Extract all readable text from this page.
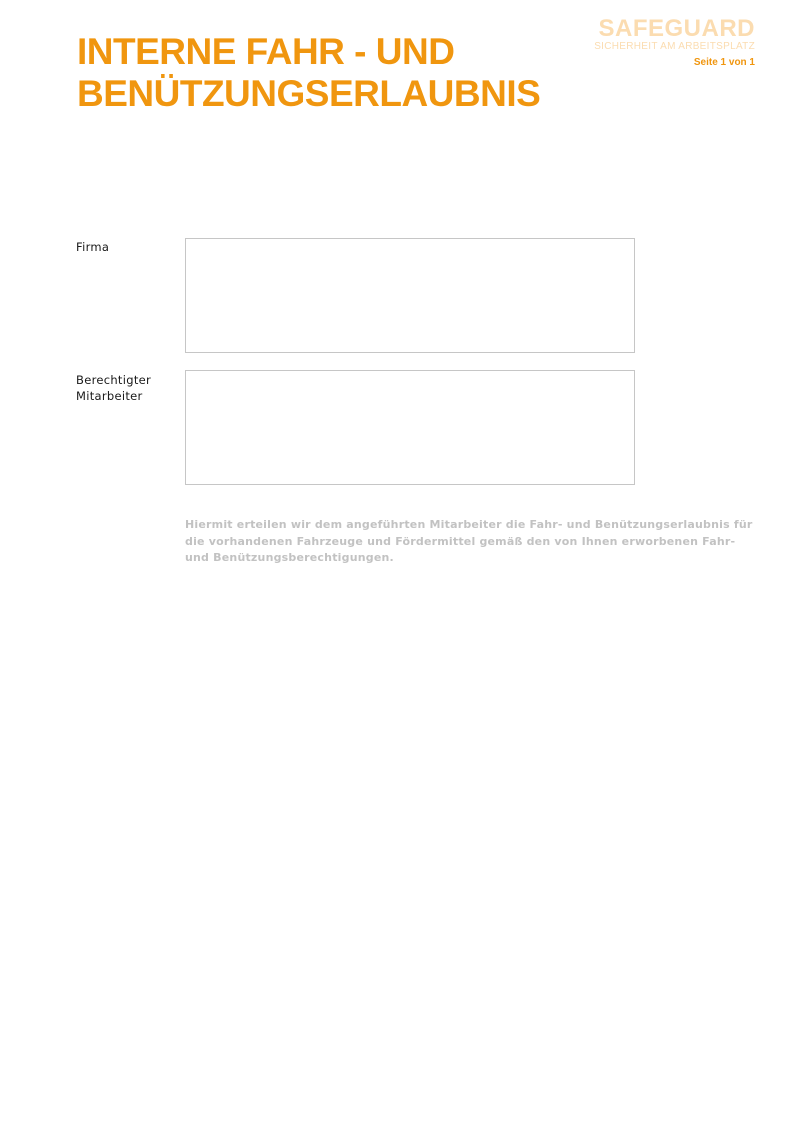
INTERNE FAHR - UND
BENÜTZUNGSERLAUBNIS
SAFEGUARD
SICHERHEIT AM ARBEITSPLATZ
Seite 1 von 1
Firma
Berechtigter
Mitarbeiter

Hiermit erteilen wir dem angeführten Mitarbeiter die Fahr- und Benützungserlaubnis für die vorhandenen Fahrzeuge und Fördermittel gemäß den von Ihnen erworbenen Fahr- und Benützungsberechtigungen.
